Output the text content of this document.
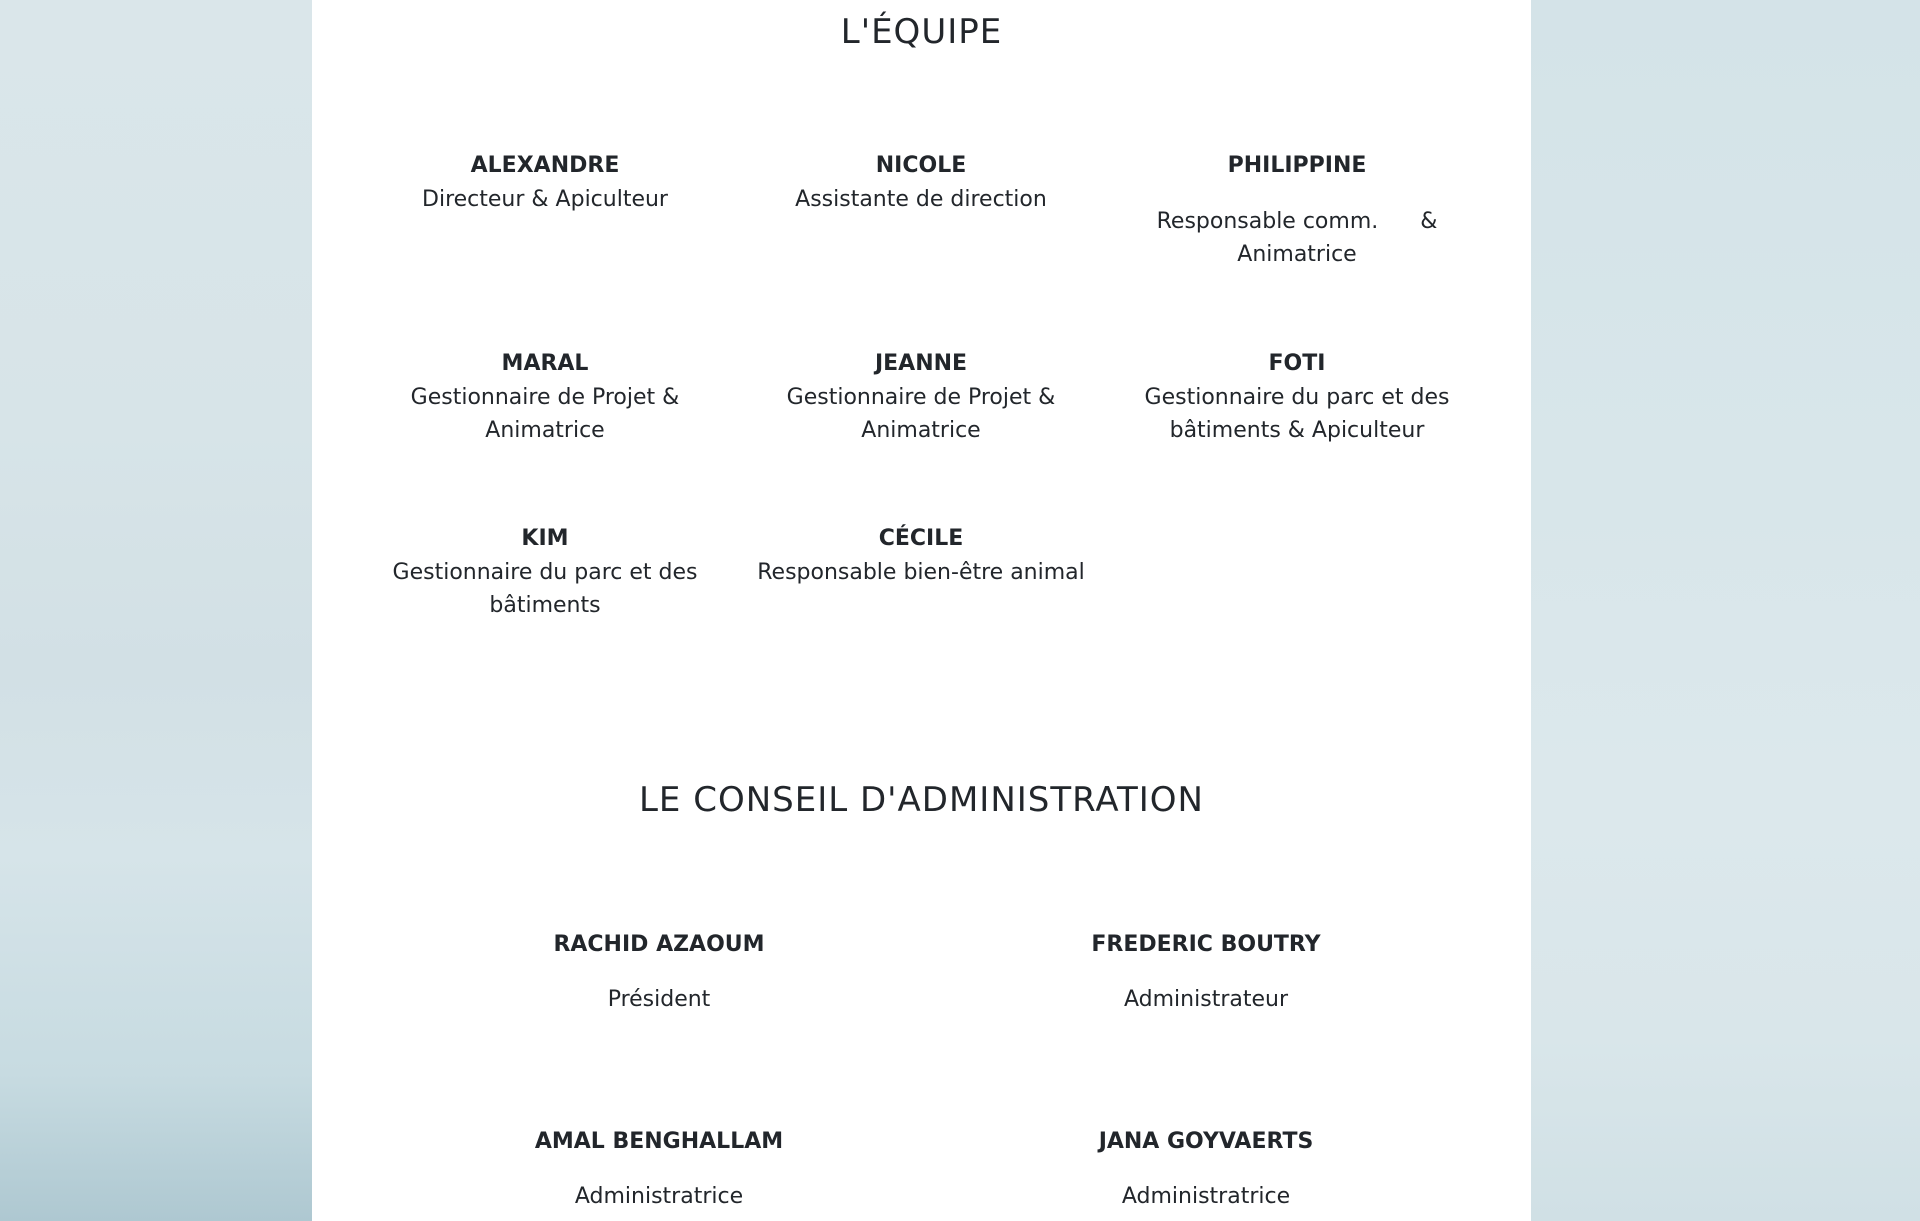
L'ÉQUIPE
ALEXANDRE
Directeur & Apiculteur
NICOLE
Assistante de direction
PHILIPPINE
Responsable comm.      & Animatrice
MARAL
Gestionnaire de Projet & Animatrice
JEANNE
Gestionnaire de Projet & Animatrice
FOTI
Gestionnaire du parc et des bâtiments & Apiculteur
KIM
Gestionnaire du parc et des bâtiments
CÉCILE
Responsable bien-être animal
LE CONSEIL D'ADMINISTRATION
RACHID AZAOUM
Président
FREDERIC BOUTRY
Administrateur
AMAL BENGHALLAM
Administratrice
JANA GOYVAERTS
Administratrice
